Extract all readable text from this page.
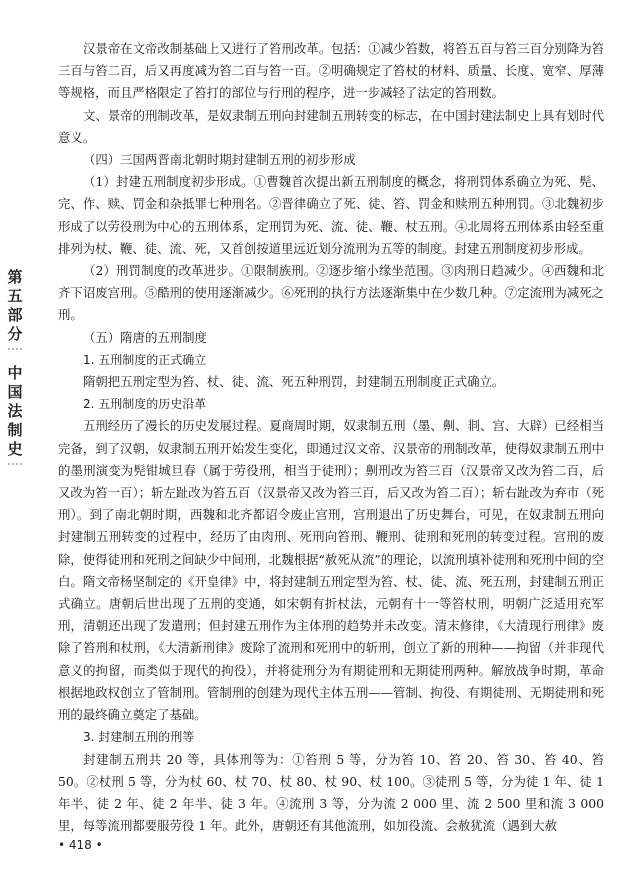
第
五
部
分
中
国
法
制
史

汉景帝在文帝改制基础上又进行了笞刑改革。包括：①减少笞数，将笞五百与笞三百分别降为笞三百与笞二百，后又再度减为笞二百与笞一百。②明确规定了笞杖的材料、质量、长度、宽窄、厚薄等规格，而且严格限定了笞打的部位与行刑的程序，进一步减轻了法定的笞刑数。

文、景帝的刑制改革，是奴隶制五刑向封建制五刑转变的标志，在中国封建法制史上具有划时代意义。

（四）三国两晋南北朝时期封建制五刑的初步形成

（1）封建五刑制度初步形成。①曹魏首次提出新五刑制度的概念，将刑罚体系确立为死、髡、完、作、赎、罚金和杂抵罪七种刑名。②晋律确立了死、徒、笞、罚金和赎刑五种刑罚。③北魏初步形成了以劳役刑为中心的五刑体系，定刑罚为死、流、徒、鞭、杖五刑。④北周将五刑体系由轻至重排列为杖、鞭、徒、流、死，又首创按道里远近划分流刑为五等的制度。封建五刑制度初步形成。

（2）刑罚制度的改革进步。①限制族刑。②逐步缩小缘坐范围。③肉刑日趋减少。④西魏和北齐下诏废宫刑。⑤酷刑的使用逐渐减少。⑥死刑的执行方法逐渐集中在少数几种。⑦定流刑为减死之刑。

（五）隋唐的五刑制度

1. 五刑制度的正式确立

隋朝把五刑定型为笞、杖、徒、流、死五种刑罚，封建制五刑制度正式确立。

2. 五刑制度的历史沿革

五刑经历了漫长的历史发展过程。夏商周时期，奴隶制五刑（墨、劓、剕、宫、大辟）已经相当完备，到了汉朝，奴隶制五刑开始发生变化，即通过汉文帝、汉景帝的刑制改革，使得奴隶制五刑中的墨刑演变为髡钳城旦春（属于劳役刑，相当于徒刑）；劓刑改为笞三百（汉景帝又改为笞二百，后又改为笞一百）；斩左趾改为笞五百（汉景帝又改为笞三百，后又改为笞二百）；斩右趾改为弃市（死刑）。到了南北朝时期，西魏和北齐都诏令废止宫刑，宫刑退出了历史舞台，可见，在奴隶制五刑向封建制五刑转变的过程中，经历了由肉刑、死刑向笞刑、鞭刑、徒刑和死刑的转变过程。宫刑的废除，使得徒刑和死刑之间缺少中间刑，北魏根据“赦死从流”的理论，以流刑填补徒刑和死刑中间的空白。隋文帝杨坚制定的《开皇律》中，将封建制五刑定型为笞、杖、徒、流、死五刑，封建制五刑正式确立。唐朝后世出现了五刑的变通，如宋朝有折杖法，元朝有十一等笞杖刑，明朝广泛适用充军刑，清朝还出现了发遣刑；但封建五刑作为主体刑的趋势并未改变。清末修律，《大清现行刑律》废除了笞刑和杖刑，《大清新刑律》废除了流刑和死刑中的斩刑，创立了新的刑种——拘留（并非现代意义的拘留，而类似于现代的拘役），并将徒刑分为有期徒刑和无期徒刑两种。解放战争时期，革命根据地政权创立了管制刑。管制刑的创建为现代主体五刑——管制、拘役、有期徒刑、无期徒刑和死刑的最终确立奠定了基础。

3. 封建制五刑的刑等

封建制五刑共 20 等，具体刑等为：①笞刑 5 等，分为笞 10、笞 20、笞 30、笞 40、笞 50。②杖刑 5 等，分为杖 60、杖 70、杖 80、杖 90、杖 100。③徒刑 5 等，分为徒 1 年、徒 1 年半、徒 2 年、徒 2 年半、徒 3 年。④流刑 3 等，分为流 2 000 里、流 2 500 里和流 3 000 里，每等流刑都要服劳役 1 年。此外，唐朝还有其他流刑，如加役流、会赦犹流（遇到大赦

• 418 •
